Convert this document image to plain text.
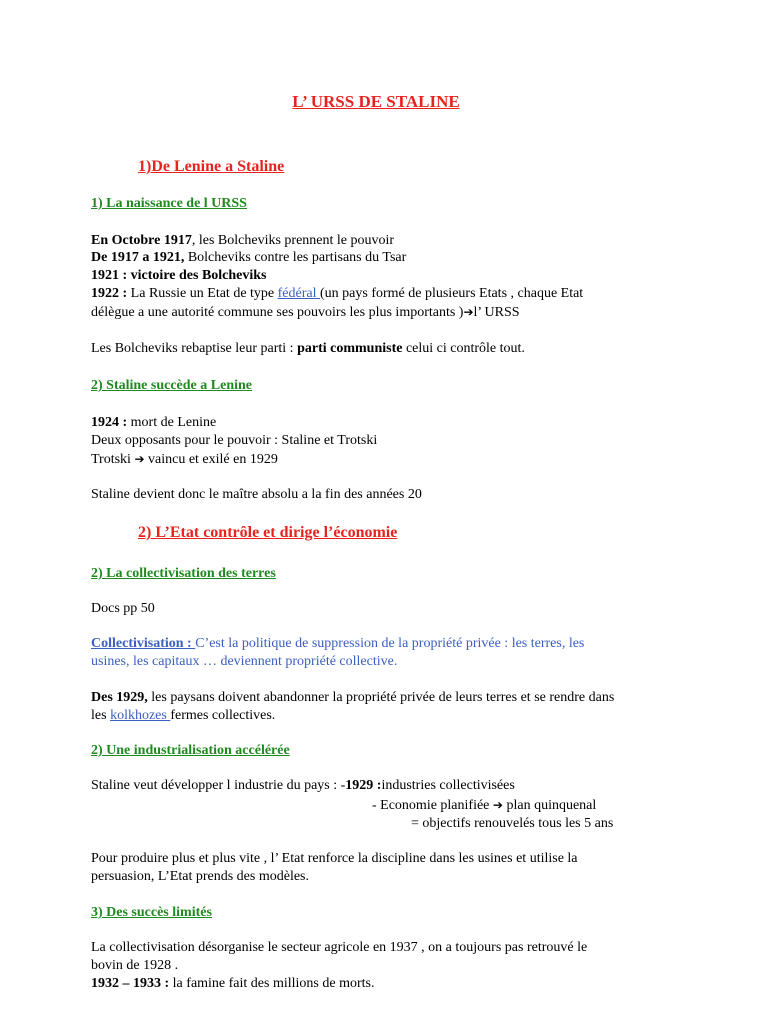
L’ URSS DE STALINE
1)De Lenine a Staline
1) La naissance de l URSS
En Octobre 1917, les Bolcheviks prennent le pouvoir
De 1917 a 1921, Bolcheviks contre les partisans du Tsar
1921 : victoire des Bolcheviks
1922 : La Russie un Etat de type fédéral (un pays formé de plusieurs Etats , chaque Etat
délègue a une autorité commune ses pouvoirs les plus importants )➔l’ URSS
Les Bolcheviks rebaptise leur parti : parti communiste celui ci contrôle tout.
2) Staline succède a Lenine
1924 : mort de Lenine
Deux opposants pour le pouvoir : Staline et Trotski
Trotski ➔ vaincu et exilé en 1929
Staline devient donc le maître absolu a la fin des années 20
2) L’Etat contrôle et dirige l’économie
2) La collectivisation des terres
Docs pp 50
Collectivisation : C’est la politique de suppression de la propriété privée : les terres, les
usines, les capitaux … deviennent propriété collective.
Des 1929, les paysans doivent abandonner la propriété privée de leurs terres et se rendre dans
les kolkhozes fermes collectives.
2) Une industrialisation accélérée
Staline veut développer l industrie du pays : -1929 :industries collectivisées
- Economie planifiée ➔ plan quinquenal
= objectifs renouvelés tous les 5 ans
Pour produire plus et plus vite , l’ Etat renforce la discipline dans les usines et utilise la
persuasion, L’Etat prends des modèles.
3) Des succès limités
La collectivisation désorganise le secteur agricole en 1937 , on a toujours pas retrouvé le
bovin de 1928 .
1932 – 1933 : la famine fait des millions de morts.
